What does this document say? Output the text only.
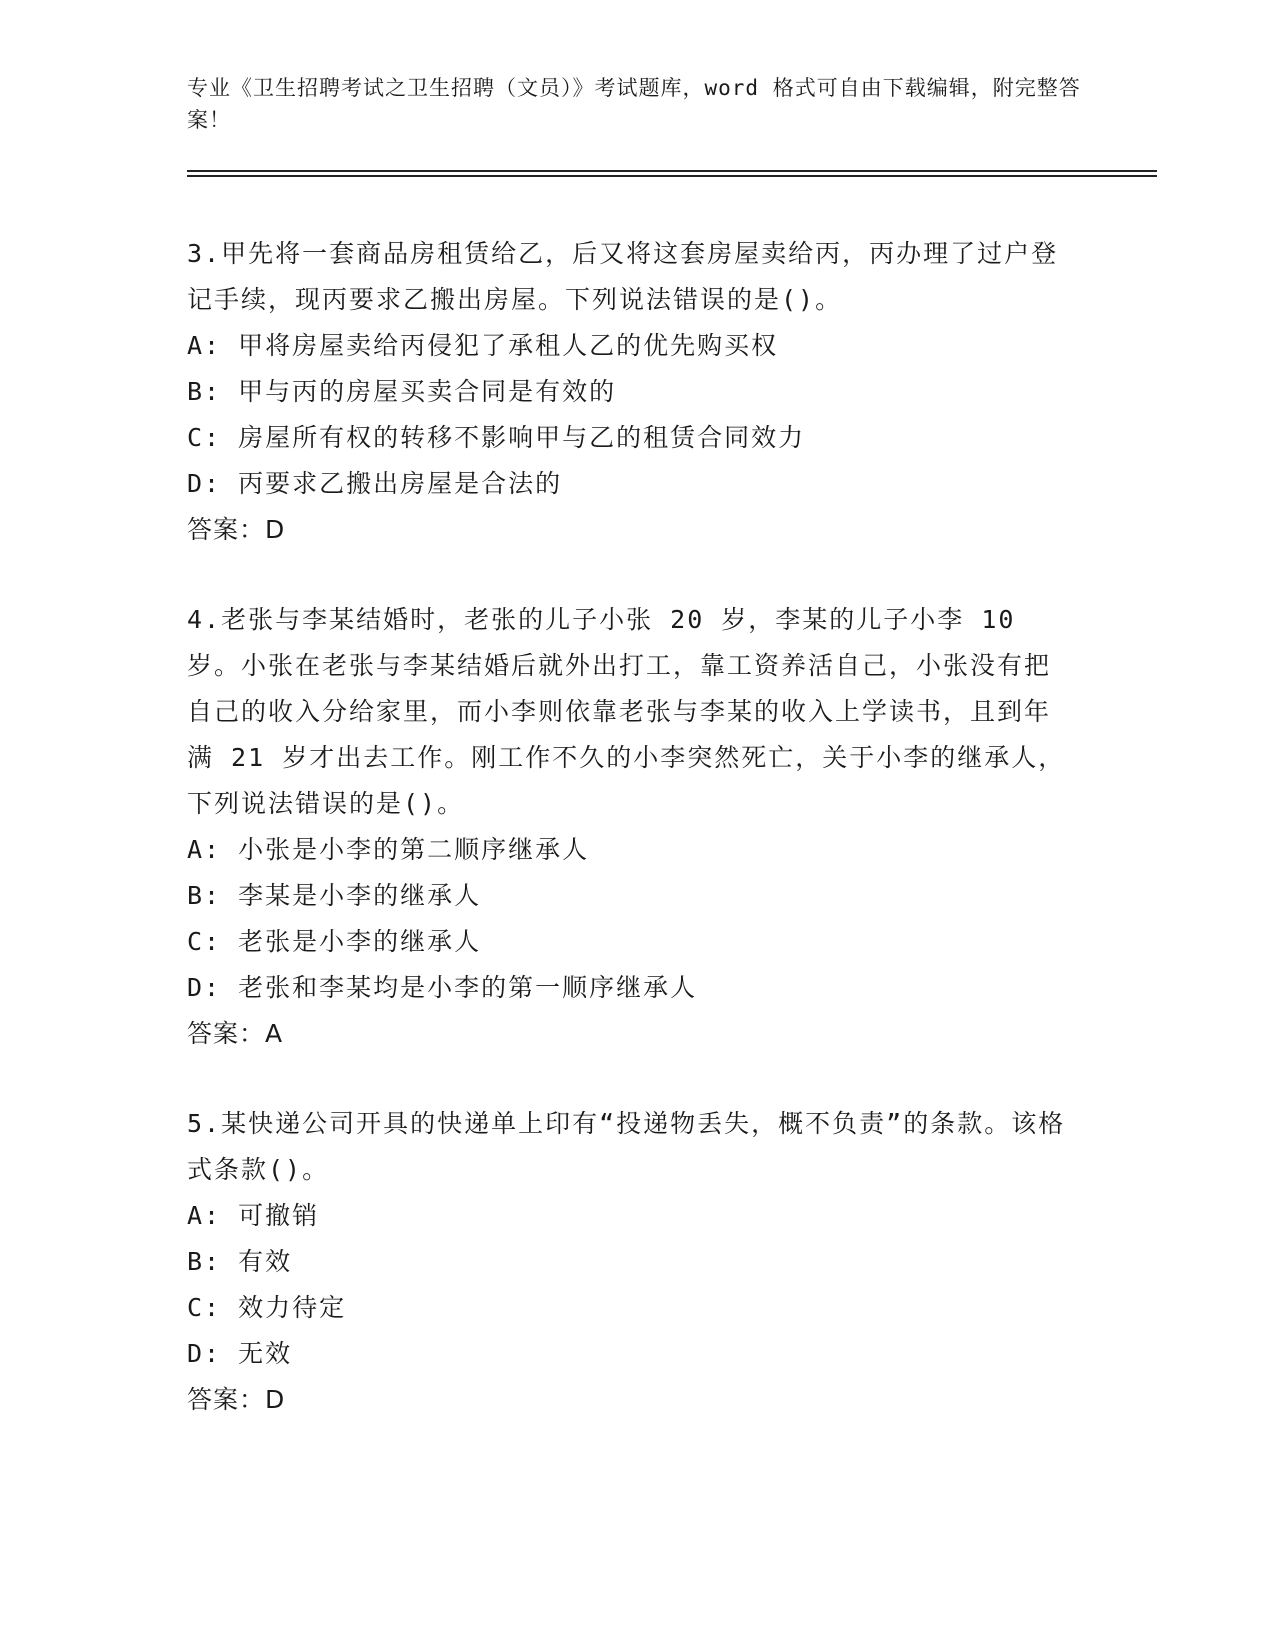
专业《卫生招聘考试之卫生招聘（文员）》考试题库，word 格式可自由下载编辑，附完整答案！
3.甲先将一套商品房租赁给乙，后又将这套房屋卖给丙，丙办理了过户登记手续，现丙要求乙搬出房屋。下列说法错误的是()。
A: 甲将房屋卖给丙侵犯了承租人乙的优先购买权
B: 甲与丙的房屋买卖合同是有效的
C: 房屋所有权的转移不影响甲与乙的租赁合同效力
D: 丙要求乙搬出房屋是合法的
答案：D
4.老张与李某结婚时，老张的儿子小张 20 岁，李某的儿子小李 10 岁。小张在老张与李某结婚后就外出打工，靠工资养活自己，小张没有把自己的收入分给家里，而小李则依靠老张与李某的收入上学读书，且到年满 21 岁才出去工作。刚工作不久的小李突然死亡，关于小李的继承人，下列说法错误的是()。
A: 小张是小李的第二顺序继承人
B: 李某是小李的继承人
C: 老张是小李的继承人
D: 老张和李某均是小李的第一顺序继承人
答案：A
5.某快递公司开具的快递单上印有“投递物丢失，概不负责”的条款。该格式条款()。
A: 可撤销
B: 有效
C: 效力待定
D: 无效
答案：D
